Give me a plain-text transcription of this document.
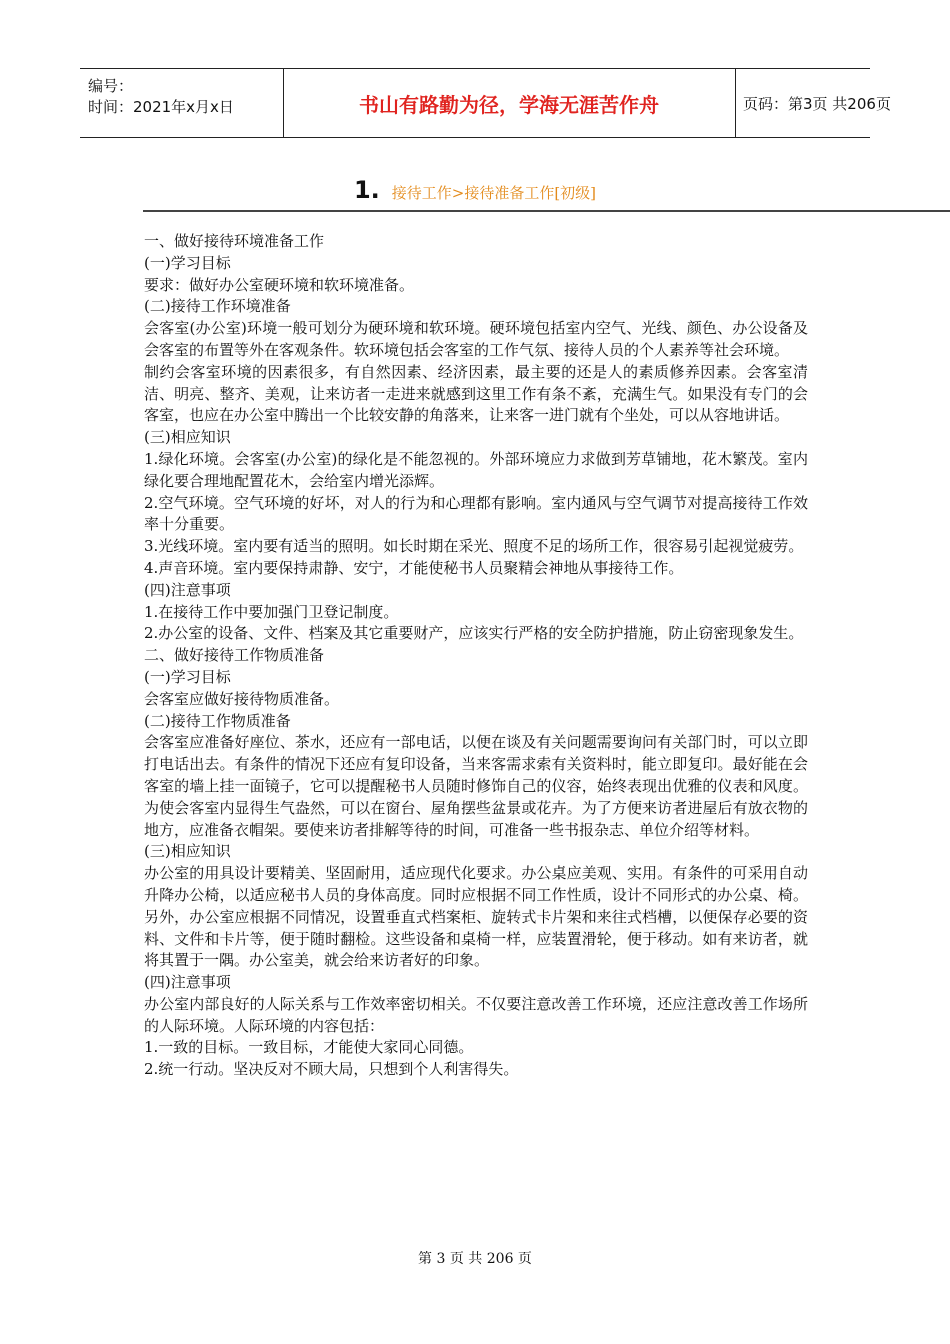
编号：
时间：2021年x月x日	书山有路勤为径，学海无涯苦作舟	页码：第3页 共206页
1. 接待工作>接待准备工作[初级]

一、做好接待环境准备工作

(一)学习目标

要求：做好办公室硬环境和软环境准备。

(二)接待工作环境准备

会客室(办公室)环境一般可划分为硬环境和软环境。硬环境包括室内空气、光线、颜色、办公设备及会客室的布置等外在客观条件。软环境包括会客室的工作气氛、接待人员的个人素养等社会环境。

制约会客室环境的因素很多，有自然因素、经济因素，最主要的还是人的素质修养因素。会客室清洁、明亮、整齐、美观，让来访者一走进来就感到这里工作有条不紊，充满生气。如果没有专门的会客室，也应在办公室中腾出一个比较安静的角落来，让来客一进门就有个坐处，可以从容地讲话。

(三)相应知识

1.绿化环境。会客室(办公室)的绿化是不能忽视的。外部环境应力求做到芳草铺地，花木繁茂。室内绿化要合理地配置花木，会给室内增光添辉。

2.空气环境。空气环境的好坏，对人的行为和心理都有影响。室内通风与空气调节对提高接待工作效率十分重要。

3.光线环境。室内要有适当的照明。如长时期在采光、照度不足的场所工作，很容易引起视觉疲劳。

4.声音环境。室内要保持肃静、安宁，才能使秘书人员聚精会神地从事接待工作。

(四)注意事项

1.在接待工作中要加强门卫登记制度。

2.办公室的设备、文件、档案及其它重要财产，应该实行严格的安全防护措施，防止窃密现象发生。

二、做好接待工作物质准备

(一)学习目标

会客室应做好接待物质准备。

(二)接待工作物质准备

会客室应准备好座位、茶水，还应有一部电话，以便在谈及有关问题需要询问有关部门时，可以立即打电话出去。有条件的情况下还应有复印设备，当来客需求索有关资料时，能立即复印。最好能在会客室的墙上挂一面镜子，它可以提醒秘书人员随时修饰自己的仪容，始终表现出优雅的仪表和风度。为使会客室内显得生气盎然，可以在窗台、屋角摆些盆景或花卉。为了方便来访者进屋后有放衣物的地方，应准备衣帽架。要使来访者排解等待的时间，可准备一些书报杂志、单位介绍等材料。

(三)相应知识

办公室的用具设计要精美、坚固耐用，适应现代化要求。办公桌应美观、实用。有条件的可采用自动升降办公椅，以适应秘书人员的身体高度。同时应根据不同工作性质，设计不同形式的办公桌、椅。另外，办公室应根据不同情况，设置垂直式档案柜、旋转式卡片架和来往式档槽，以便保存必要的资料、文件和卡片等，便于随时翻检。这些设备和桌椅一样，应装置滑轮，便于移动。如有来访者，就将其置于一隅。办公室美，就会给来访者好的印象。

(四)注意事项

办公室内部良好的人际关系与工作效率密切相关。不仅要注意改善工作环境，还应注意改善工作场所的人际环境。人际环境的内容包括：

1.一致的目标。一致目标，才能使大家同心同德。

2.统一行动。坚决反对不顾大局，只想到个人利害得失。

第 3 页 共 206 页
